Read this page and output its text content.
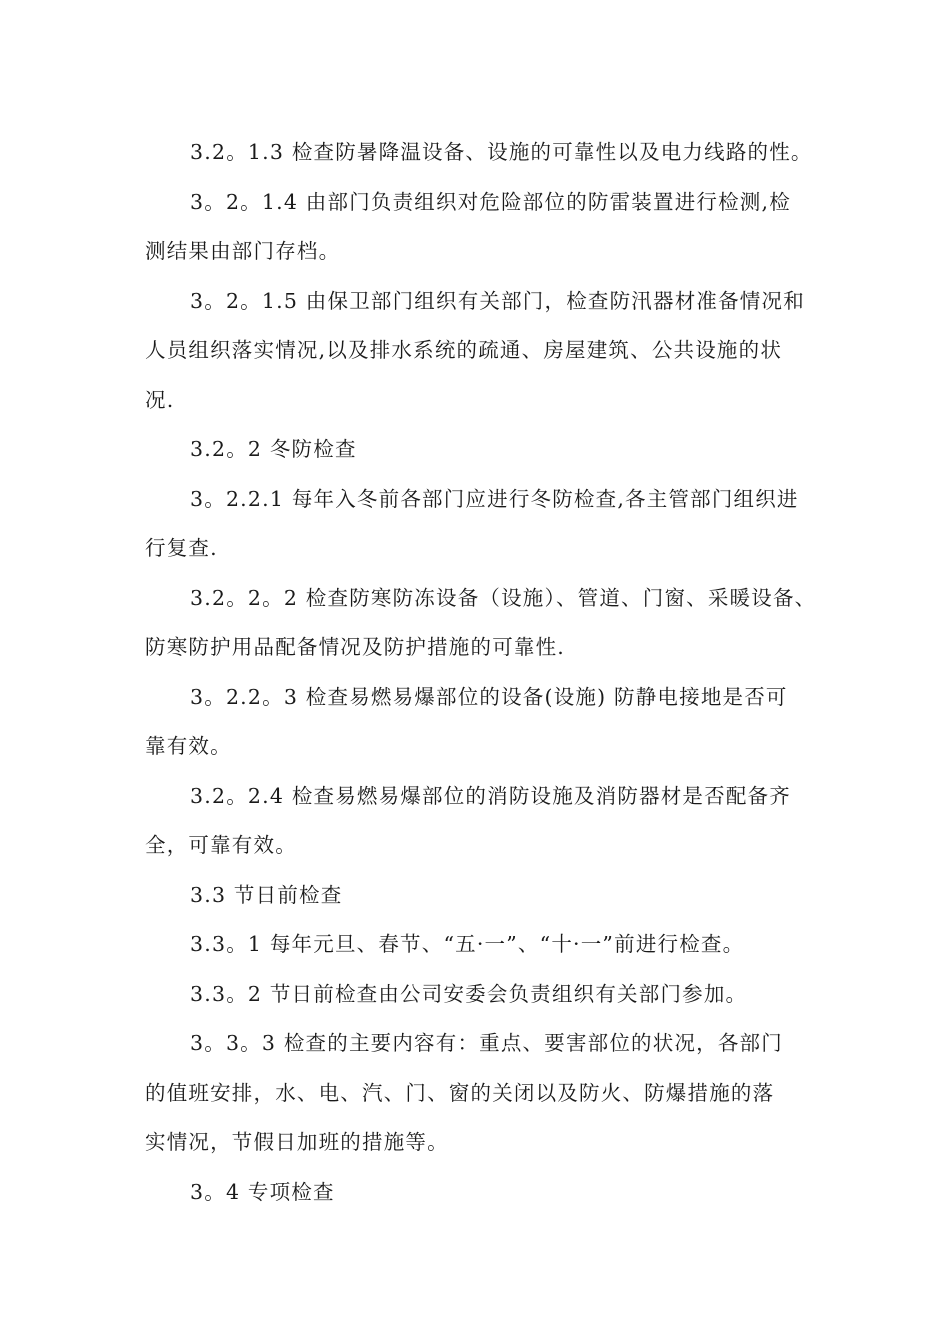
3.2。1.3 检查防暑降温设备、设施的可靠性以及电力线路的性。
3。2。1.4 由部门负责组织对危险部位的防雷装置进行检测,检
测结果由部门存档。
3。2。1.5 由保卫部门组织有关部门，检查防汛器材准备情况和
人员组织落实情况,以及排水系统的疏通、房屋建筑、公共设施的状
况.
3.2。2 冬防检查
3。2.2.1 每年入冬前各部门应进行冬防检查,各主管部门组织进
行复查.
3.2。2。2 检查防寒防冻设备（设施）、管道、门窗、采暖设备、
防寒防护用品配备情况及防护措施的可靠性.
3。2.2。3 检查易燃易爆部位的设备(设施) 防静电接地是否可
靠有效。
3.2。2.4 检查易燃易爆部位的消防设施及消防器材是否配备齐
全，可靠有效。
3.3 节日前检查
3.3。1 每年元旦、春节、“五·一”、“十·一”前进行检查。
3.3。2 节日前检查由公司安委会负责组织有关部门参加。
3。3。3 检查的主要内容有：重点、要害部位的状况，各部门
的值班安排，水、电、汽、门、窗的关闭以及防火、防爆措施的落
实情况，节假日加班的措施等。
3。4 专项检查
